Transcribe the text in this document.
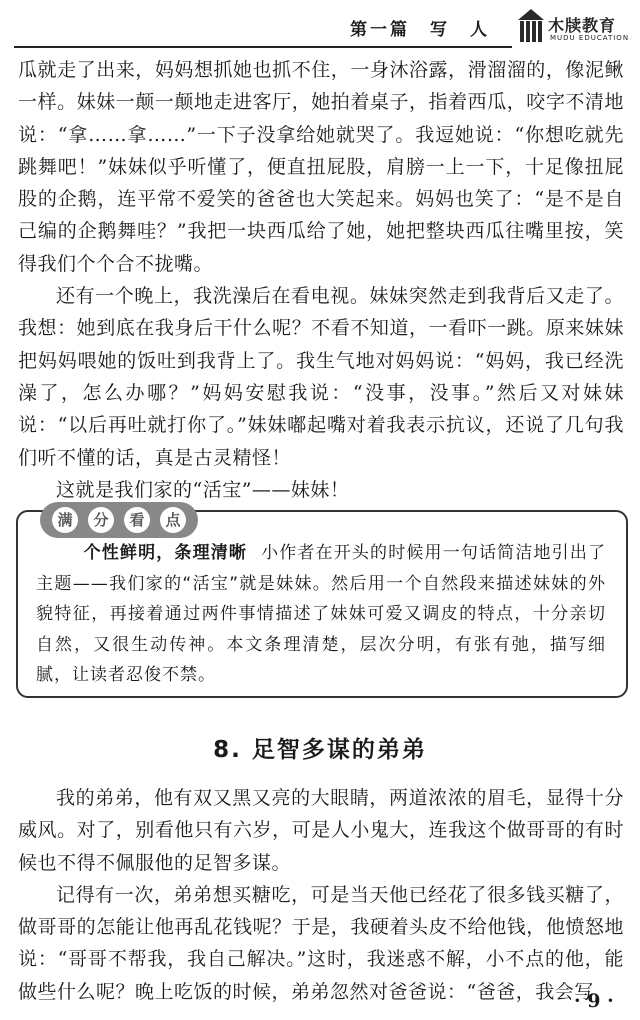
第一篇　写　人	木牍教育
MUDU EDUCATION

瓜就走了出来，妈妈想抓她也抓不住，一身沐浴露，滑溜溜的，像泥鳅一样。妹妹一颠一颠地走进客厅，她拍着桌子，指着西瓜，咬字不清地说：“拿……拿……”一下子没拿给她就哭了。我逗她说：“你想吃就先跳舞吧！”妹妹似乎听懂了，便直扭屁股，肩膀一上一下，十足像扭屁股的企鹅，连平常不爱笑的爸爸也大笑起来。妈妈也笑了：“是不是自己编的企鹅舞哇？”我把一块西瓜给了她，她把整块西瓜往嘴里按，笑得我们个个合不拢嘴。

还有一个晚上，我洗澡后在看电视。妹妹突然走到我背后又走了。我想：她到底在我身后干什么呢？不看不知道，一看吓一跳。原来妹妹把妈妈喂她的饭吐到我背上了。我生气地对妈妈说：“妈妈，我已经洗澡了，怎么办哪？”妈妈安慰我说：“没事，没事。”然后又对妹妹说：“以后再吐就打你了。”妹妹嘟起嘴对着我表示抗议，还说了几句我们听不懂的话，真是古灵精怪！

这就是我们家的“活宝”——妹妹！

满	分	看	点
个性鲜明，条理清晰 小作者在开头的时候用一句话简洁地引出了主题——我们家的“活宝”就是妹妹。然后用一个自然段来描述妹妹的外貌特征，再接着通过两件事情描述了妹妹可爱又调皮的特点，十分亲切自然，又很生动传神。本文条理清楚，层次分明，有张有弛，描写细腻，让读者忍俊不禁。
8. 足智多谋的弟弟

我的弟弟，他有双又黑又亮的大眼睛，两道浓浓的眉毛，显得十分威风。对了，别看他只有六岁，可是人小鬼大，连我这个做哥哥的有时候也不得不佩服他的足智多谋。

记得有一次，弟弟想买糖吃，可是当天他已经花了很多钱买糖了，做哥哥的怎能让他再乱花钱呢？于是，我硬着头皮不给他钱，他愤怒地说：“哥哥不帮我，我自己解决。”这时，我迷惑不解，小不点的他，能做些什么呢？晚上吃饭的时候，弟弟忽然对爸爸说：“爸爸，我会写

· 9 ·
